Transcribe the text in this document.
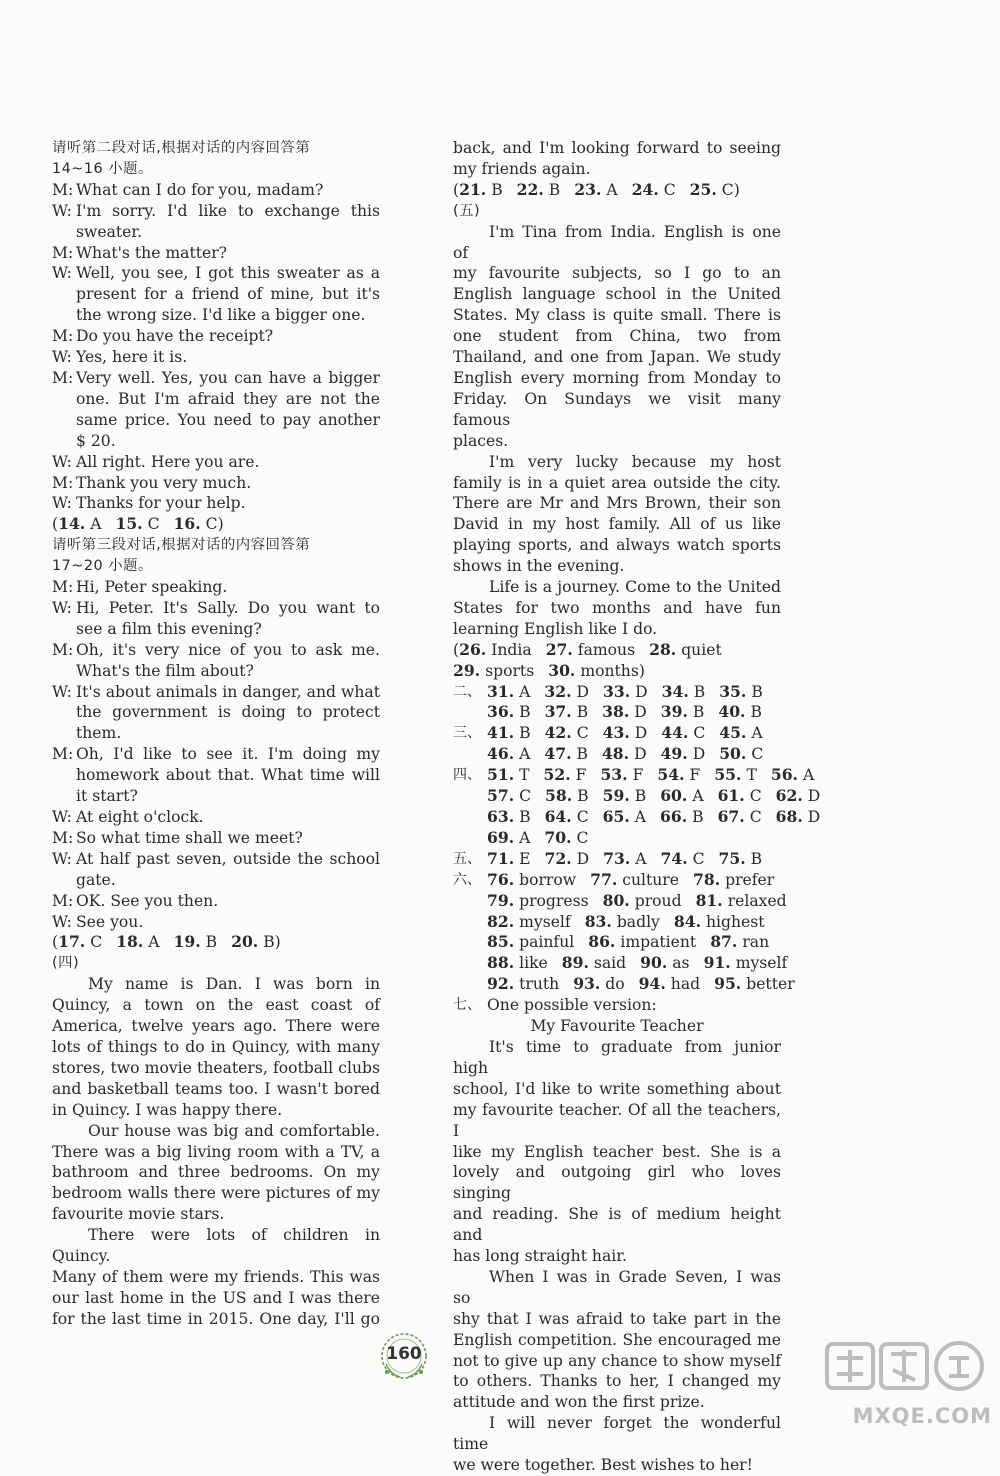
请听第二段对话,根据对话的内容回答第
14~16 小题。
M: What can I do for you, madam?
W: I'm sorry. I'd like to exchange this
sweater.
M: What's the matter?
W: Well, you see, I got this sweater as a
present for a friend of mine, but it's
the wrong size. I'd like a bigger one.
M: Do you have the receipt?
W: Yes, here it is.
M: Very well. Yes, you can have a bigger
one. But I'm afraid they are not the
same price. You need to pay another
$ 20.
W: All right. Here you are.
M: Thank you very much.
W: Thanks for your help.
(14. A 15. C 16. C)
请听第三段对话,根据对话的内容回答第
17~20 小题。
M: Hi, Peter speaking.
W: Hi, Peter. It's Sally. Do you want to
see a film this evening?
M: Oh, it's very nice of you to ask me.
What's the film about?
W: It's about animals in danger, and what
the government is doing to protect
them.
M: Oh, I'd like to see it. I'm doing my
homework about that. What time will
it start?
W: At eight o'clock.
M: So what time shall we meet?
W: At half past seven, outside the school
gate.
M: OK. See you then.
W: See you.
(17. C 18. A 19. B 20. B)
(四)
My name is Dan. I was born in
Quincy, a town on the east coast of
America, twelve years ago. There were
lots of things to do in Quincy, with many
stores, two movie theaters, football clubs
and basketball teams too. I wasn't bored
in Quincy. I was happy there.
Our house was big and comfortable.
There was a big living room with a TV, a
bathroom and three bedrooms. On my
bedroom walls there were pictures of my
favourite movie stars.
There were lots of children in Quincy.
Many of them were my friends. This was
our last home in the US and I was there
for the last time in 2015. One day, I'll go
back, and I'm looking forward to seeing
my friends again.
(21. B 22. B 23. A 24. C 25. C)
(五)
I'm Tina from India. English is one of
my favourite subjects, so I go to an
English language school in the United
States. My class is quite small. There is
one student from China, two from
Thailand, and one from Japan. We study
English every morning from Monday to
Friday. On Sundays we visit many famous
places.
I'm very lucky because my host
family is in a quiet area outside the city.
There are Mr and Mrs Brown, their son
David in my host family. All of us like
playing sports, and always watch sports
shows in the evening.
Life is a journey. Come to the United
States for two months and have fun
learning English like I do.
(26. India 27. famous 28. quiet
29. sports 30. months)
二、 31. A 32. D 33. D 34. B 35. B
36. B 37. B 38. D 39. B 40. B
三、 41. B 42. C 43. D 44. C 45. A
46. A 47. B 48. D 49. D 50. C
四、 51. T 52. F 53. F 54. F 55. T 56. A
57. C 58. B 59. B 60. A 61. C 62. D
63. B 64. C 65. A 66. B 67. C 68. D
69. A 70. C
五、 71. E 72. D 73. A 74. C 75. B
六、 76. borrow 77. culture 78. prefer
79. progress 80. proud 81. relaxed
82. myself 83. badly 84. highest
85. painful 86. impatient 87. ran
88. like 89. said 90. as 91. myself
92. truth 93. do 94. had 95. better
七、 One possible version:
My Favourite Teacher
It's time to graduate from junior high
school, I'd like to write something about
my favourite teacher. Of all the teachers, I
like my English teacher best. She is a
lovely and outgoing girl who loves singing
and reading. She is of medium height and
has long straight hair.
When I was in Grade Seven, I was so
shy that I was afraid to take part in the
English competition. She encouraged me
not to give up any chance to show myself
to others. Thanks to her, I changed my
attitude and won the first prize.
I will never forget the wonderful time
we were together. Best wishes to her!
160
MXQE.COM
